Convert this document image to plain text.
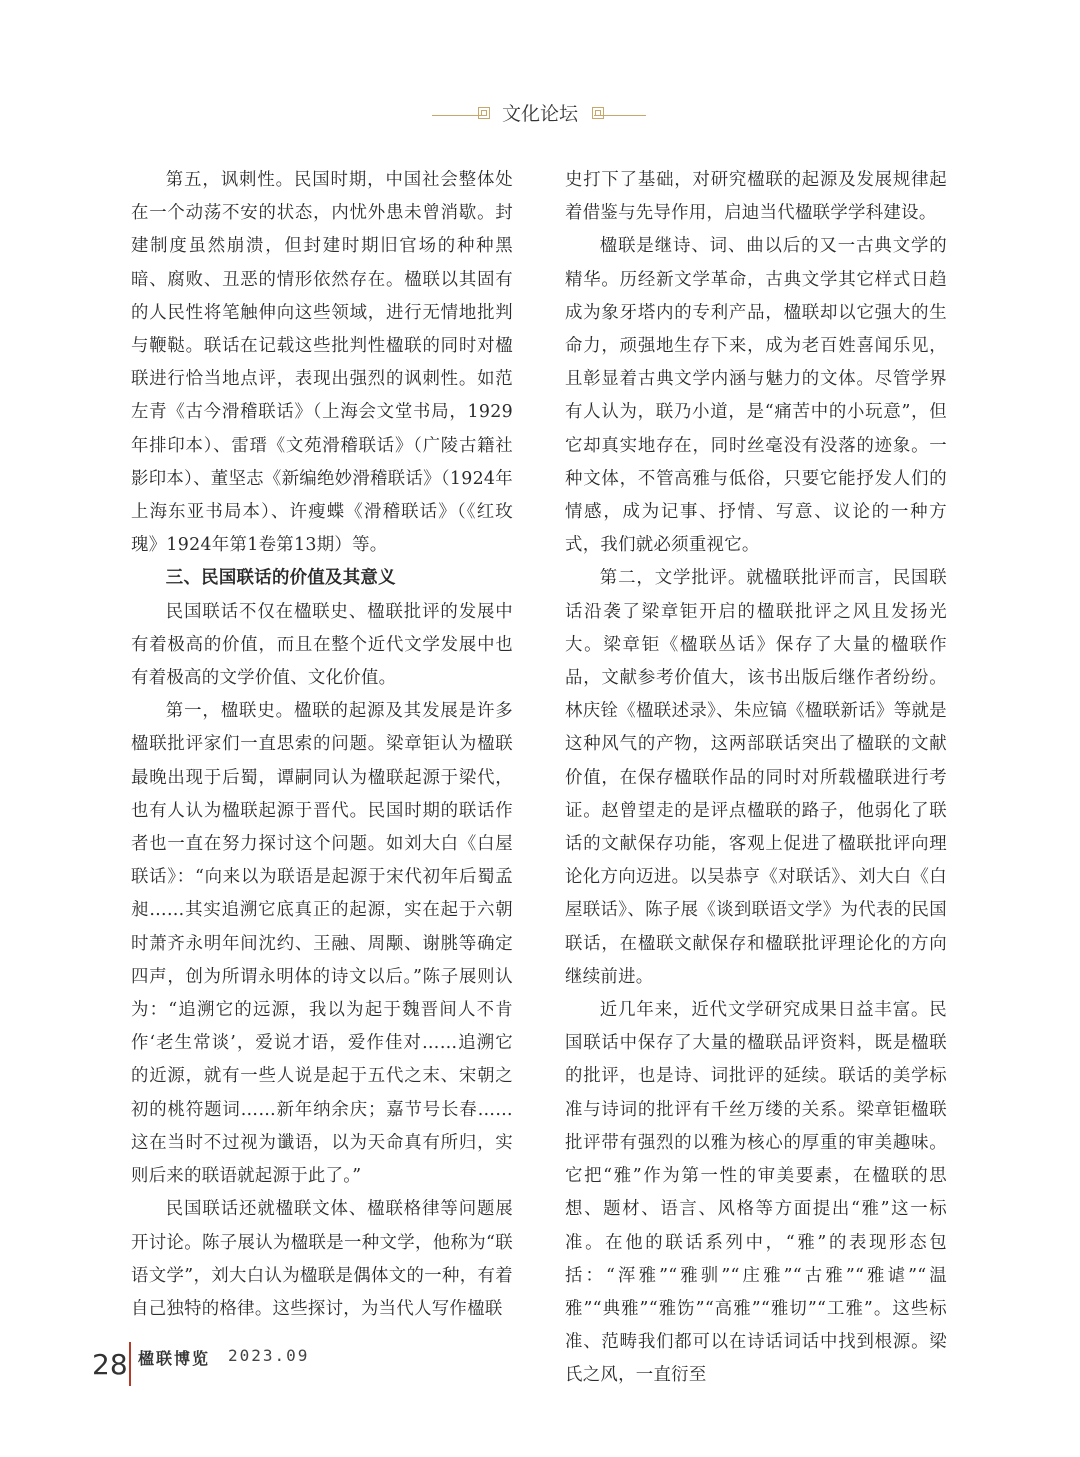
文化论坛

第五，讽刺性。民国时期，中国社会整体处在一个动荡不安的状态，内忧外患未曾消歇。封建制度虽然崩溃，但封建时期旧官场的种种黑暗、腐败、丑恶的情形依然存在。楹联以其固有的人民性将笔触伸向这些领域，进行无情地批判与鞭鞑。联话在记载这些批判性楹联的同时对楹联进行恰当地点评，表现出强烈的讽刺性。如范左青《古今滑稽联话》（上海会文堂书局，1929年排印本）、雷瑨《文苑滑稽联话》（广陵古籍社影印本）、董坚志《新编绝妙滑稽联话》（1924年上海东亚书局本）、许瘦蝶《滑稽联话》（《红玫瑰》1924年第1卷第13期）等。

三、民国联话的价值及其意义

民国联话不仅在楹联史、楹联批评的发展中有着极高的价值，而且在整个近代文学发展中也有着极高的文学价值、文化价值。

第一，楹联史。楹联的起源及其发展是许多楹联批评家们一直思索的问题。梁章钜认为楹联最晚出现于后蜀，谭嗣同认为楹联起源于梁代，也有人认为楹联起源于晋代。民国时期的联话作者也一直在努力探讨这个问题。如刘大白《白屋联话》：“向来以为联语是起源于宋代初年后蜀孟昶……其实追溯它底真正的起源，实在起于六朝时萧齐永明年间沈约、王融、周颙、谢朓等确定四声，创为所谓永明体的诗文以后。”陈子展则认为：“追溯它的远源，我以为起于魏晋间人不肯作‘老生常谈’，爱说才语，爱作佳对……追溯它的近源，就有一些人说是起于五代之末、宋朝之初的桃符题词……新年纳余庆；嘉节号长春……这在当时不过视为谶语，以为天命真有所归，实则后来的联语就起源于此了。”

民国联话还就楹联文体、楹联格律等问题展开讨论。陈子展认为楹联是一种文学，他称为“联语文学”，刘大白认为楹联是偶体文的一种，有着自己独特的格律。这些探讨，为当代人写作楹联

史打下了基础，对研究楹联的起源及发展规律起着借鉴与先导作用，启迪当代楹联学学科建设。

楹联是继诗、词、曲以后的又一古典文学的精华。历经新文学革命，古典文学其它样式日趋成为象牙塔内的专利产品，楹联却以它强大的生命力，顽强地生存下来，成为老百姓喜闻乐见，且彰显着古典文学内涵与魅力的文体。尽管学界有人认为，联乃小道，是“痛苦中的小玩意”，但它却真实地存在，同时丝毫没有没落的迹象。一种文体，不管高雅与低俗，只要它能抒发人们的情感，成为记事、抒情、写意、议论的一种方式，我们就必须重视它。

第二，文学批评。就楹联批评而言，民国联话沿袭了梁章钜开启的楹联批评之风且发扬光大。梁章钜《楹联丛话》保存了大量的楹联作品，文献参考价值大，该书出版后继作者纷纷。林庆铨《楹联述录》、朱应镐《楹联新话》等就是这种风气的产物，这两部联话突出了楹联的文献价值，在保存楹联作品的同时对所载楹联进行考证。赵曾望走的是评点楹联的路子，他弱化了联话的文献保存功能，客观上促进了楹联批评向理论化方向迈进。以吴恭亨《对联话》、刘大白《白屋联话》、陈子展《谈到联语文学》为代表的民国联话，在楹联文献保存和楹联批评理论化的方向继续前进。

近几年来，近代文学研究成果日益丰富。民国联话中保存了大量的楹联品评资料，既是楹联的批评，也是诗、词批评的延续。联话的美学标准与诗词的批评有千丝万缕的关系。梁章钜楹联批评带有强烈的以雅为核心的厚重的审美趣味。它把“雅”作为第一性的审美要素，在楹联的思想、题材、语言、风格等方面提出“雅”这一标准。在他的联话系列中，“雅”的表现形态包括：“浑雅”“雅驯”“庄雅”“古雅”“雅谑”“温雅”“典雅”“雅饬”“高雅”“雅切”“工雅”。这些标准、范畴我们都可以在诗话词话中找到根源。梁氏之风，一直衍至

28 楹联博览 2023.09
